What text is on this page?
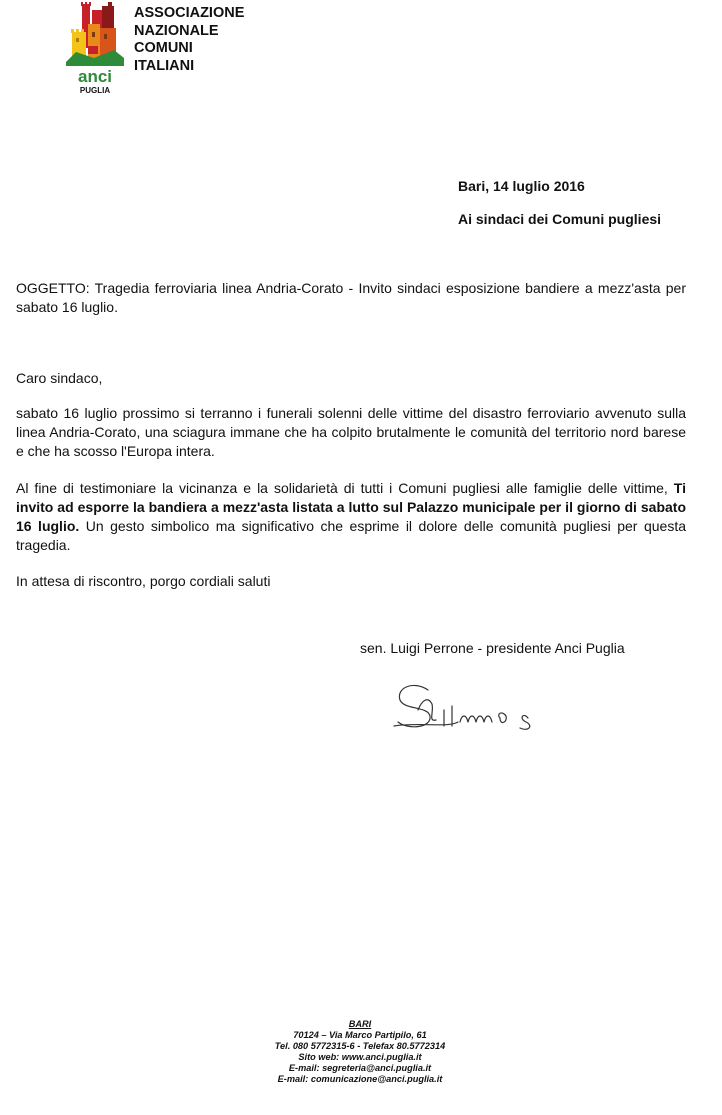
anci
PUGLIA
ASSOCIAZIONE
NAZIONALE
COMUNI
ITALIANI
Bari, 14 luglio 2016
Ai sindaci dei Comuni pugliesi
OGGETTO: Tragedia ferroviaria linea Andria-Corato - Invito sindaci esposizione bandiere a mezz'asta per sabato 16 luglio.
Caro sindaco,
sabato 16 luglio prossimo si terranno i funerali solenni delle vittime del disastro ferroviario avvenuto sulla linea Andria-Corato, una sciagura immane che ha colpito brutalmente le comunità del territorio nord barese e che ha scosso l'Europa intera.
Al fine di testimoniare la vicinanza e la solidarietà di tutti i Comuni pugliesi alle famiglie delle vittime, Ti invito ad esporre la bandiera a mezz'asta listata a lutto sul Palazzo municipale per il giorno di sabato 16 luglio. Un gesto simbolico ma significativo che esprime il dolore delle comunità pugliesi per questa tragedia.
In attesa di riscontro, porgo cordiali saluti
sen. Luigi Perrone - presidente Anci Puglia
BARI
70124 – Via Marco Partipilo, 61
Tel. 080 5772315-6 - Telefax 80.5772314
Sito web: www.anci.puglia.it
E-mail: segreteria@anci.puglia.it
E-mail: comunicazione@anci.puglia.it
